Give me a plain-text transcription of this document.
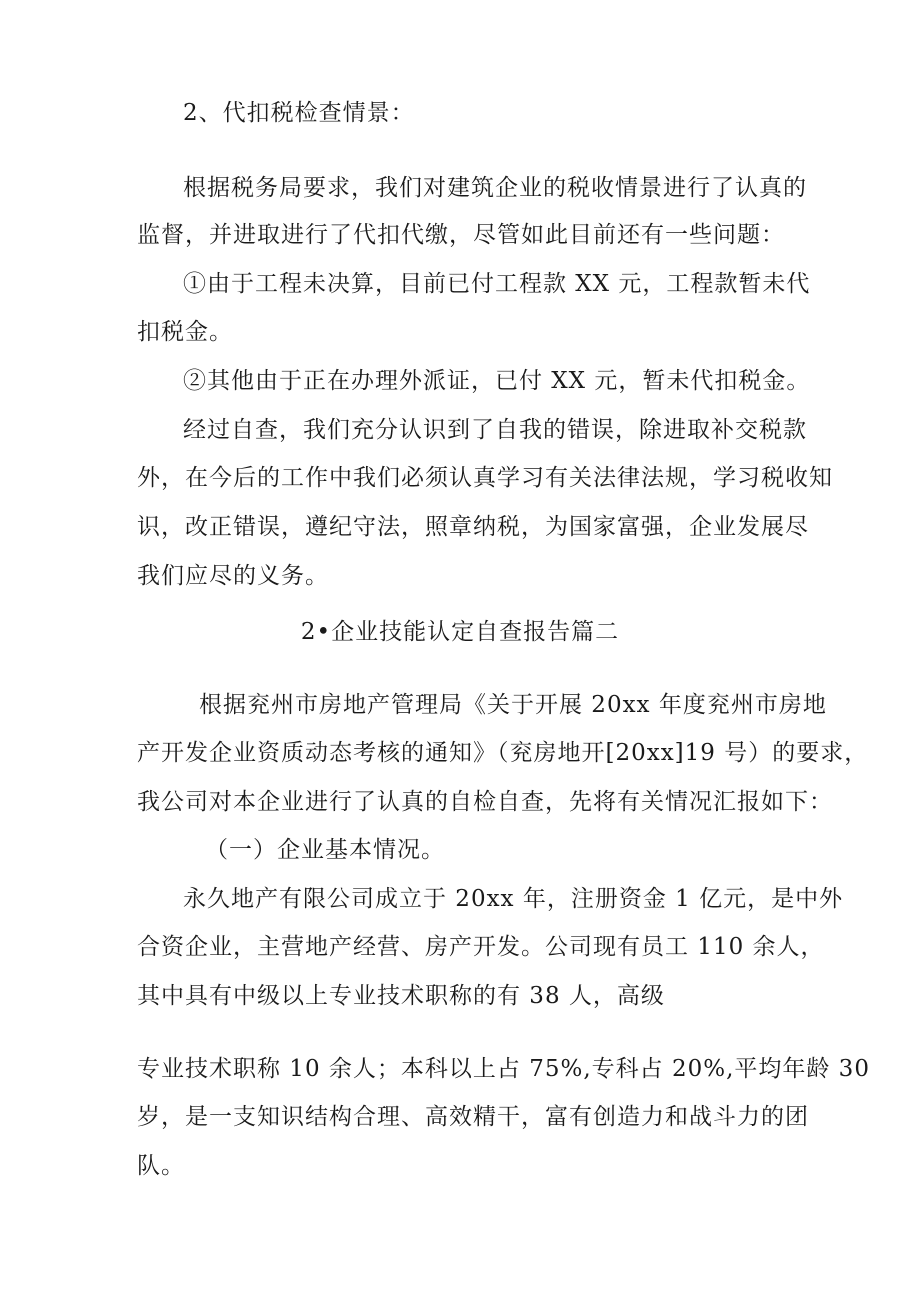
2、代扣税检查情景：
根据税务局要求，我们对建筑企业的税收情景进行了认真的
监督，并进取进行了代扣代缴，尽管如此目前还有一些问题：
①由于工程未决算，目前已付工程款 XX 元，工程款暂未代
扣税金。
②其他由于正在办理外派证，已付 XX 元，暂未代扣税金。
经过自查，我们充分认识到了自我的错误，除进取补交税款
外，在今后的工作中我们必须认真学习有关法律法规，学习税收知
识，改正错误，遵纪守法，照章纳税，为国家富强，企业发展尽
我们应尽的义务。
2•企业技能认定自查报告篇二
根据兖州市房地产管理局《关于开展 20xx 年度兖州市房地
产开发企业资质动态考核的通知》（兖房地开[20xx]19 号）的要求，
我公司对本企业进行了认真的自检自查，先将有关情况汇报如下：
（一）企业基本情况。
永久地产有限公司成立于 20xx 年，注册资金 1 亿元，是中外
合资企业，主营地产经营、房产开发。公司现有员工 110 余人，
其中具有中级以上专业技术职称的有 38 人，高级
专业技术职称 10 余人；本科以上占 75%,专科占 20%,平均年龄 30
岁，是一支知识结构合理、高效精干，富有创造力和战斗力的团
队。
